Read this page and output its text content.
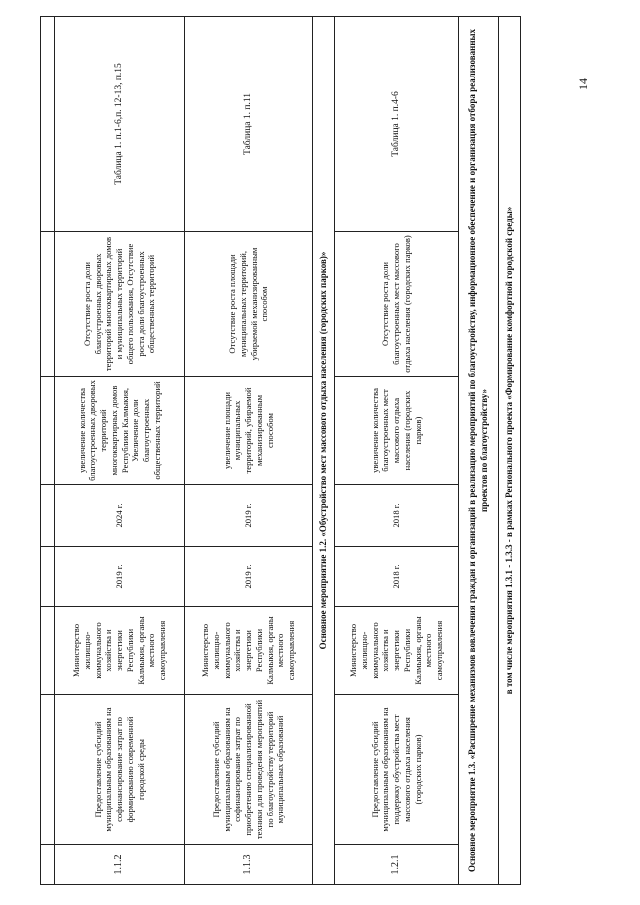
1.1.2	Предоставление субсидий муниципальным образованиям на софинансирование затрат по формированию современной городской среды	Министерство жилищно-коммунального хозяйства и энергетики Республики Калмыкия, органы местного самоуправления	2019 г.	2024 г.	увеличение количества благоустроенных дворовых территорий многоквартирных домов Республики Калмыкия, Увеличение доли благоустроенных общественных территорий	Отсутствие роста доли благоустроенных дворовых территорий многоквартирных домов и муниципальных территорий общего пользования, Отсутствие роста доли благоустроенных общественных территорий	Таблица 1. п.1-6,п. 12-13, п.15
1.1.3	Предоставление субсидий муниципальным образованиям на софинансирование затрат по приобретению специализированной техники для проведения мероприятий по благоустройству территорий муниципальных образований	Министерство жилищно-коммунального хозяйства и энергетики Республики Калмыкия, органы местного самоуправления	2019 г.	2019 г.	увеличение площади муниципальных территорий, убираемой механизированным способом	Отсутствие роста площади муниципальных территорий, убираемой механизированным способом	Таблица 1. п.11
Основное мероприятие 1.2. «Обустройство мест массового отдыха населения (городских парков)»							
1.2.1	Предоставление субсидий муниципальным образованиям на поддержку обустройства мест массового отдыха населения (городских парков)	Министерство жилищно-коммунального хозяйства и энергетики Республики Калмыкия, органы местного самоуправления	2018 г.	2018 г.	увеличение количества благоустроенных мест массового отдыха населения (городских парков)	Отсутствие роста доли благоустроенных мест массового отдыха населения (городских парков)	Таблица 1. п.4-6
Основное мероприятие 1.3. «Расширение механизмов вовлечения граждан и организаций в реализацию мероприятий по благоустройству, информационное обеспечение и организация отбора реализованных проектов по благоустройству»							
в том числе мероприятия 1.3.1 - 1.3.3 - в рамках Регионального проекта «Формирование комфортной городской среды»							
14
